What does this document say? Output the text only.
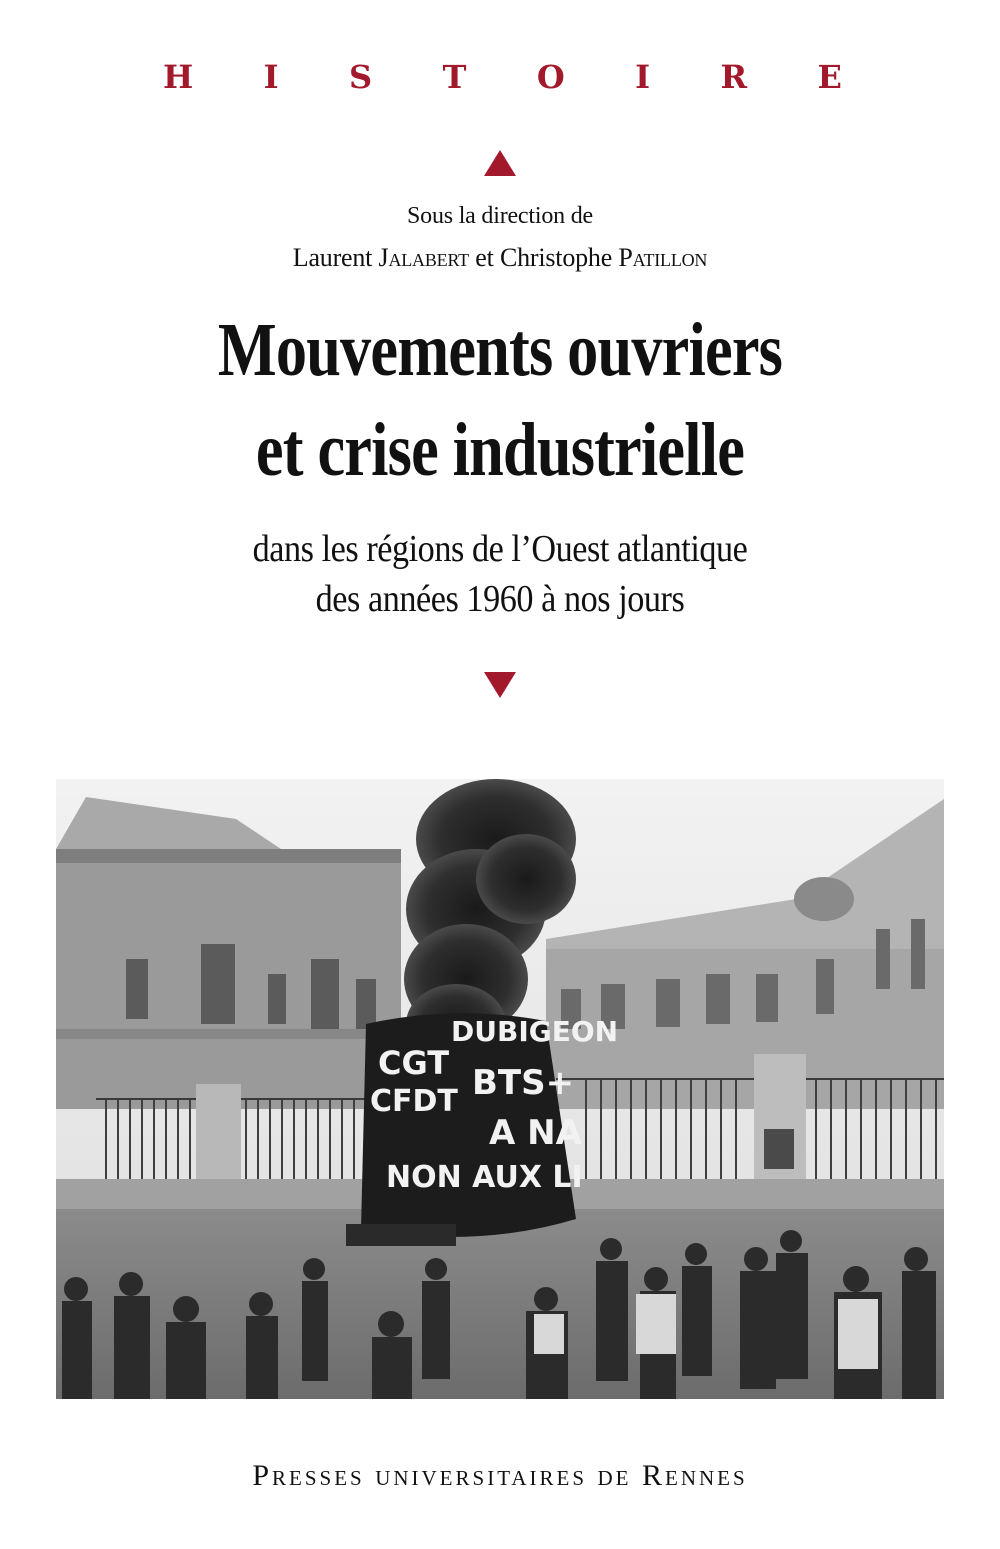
H I S T O I R E
Sous la direction de
Laurent Jalabert et Christophe Patillon
Mouvements ouvriers
et crise industrielle
dans les régions de l’Ouest atlantique
des années 1960 à nos jours
CGT
DUBIGEON
CFDT BTS+
A NA
NON AUX LI
Presses universitaires de Rennes
